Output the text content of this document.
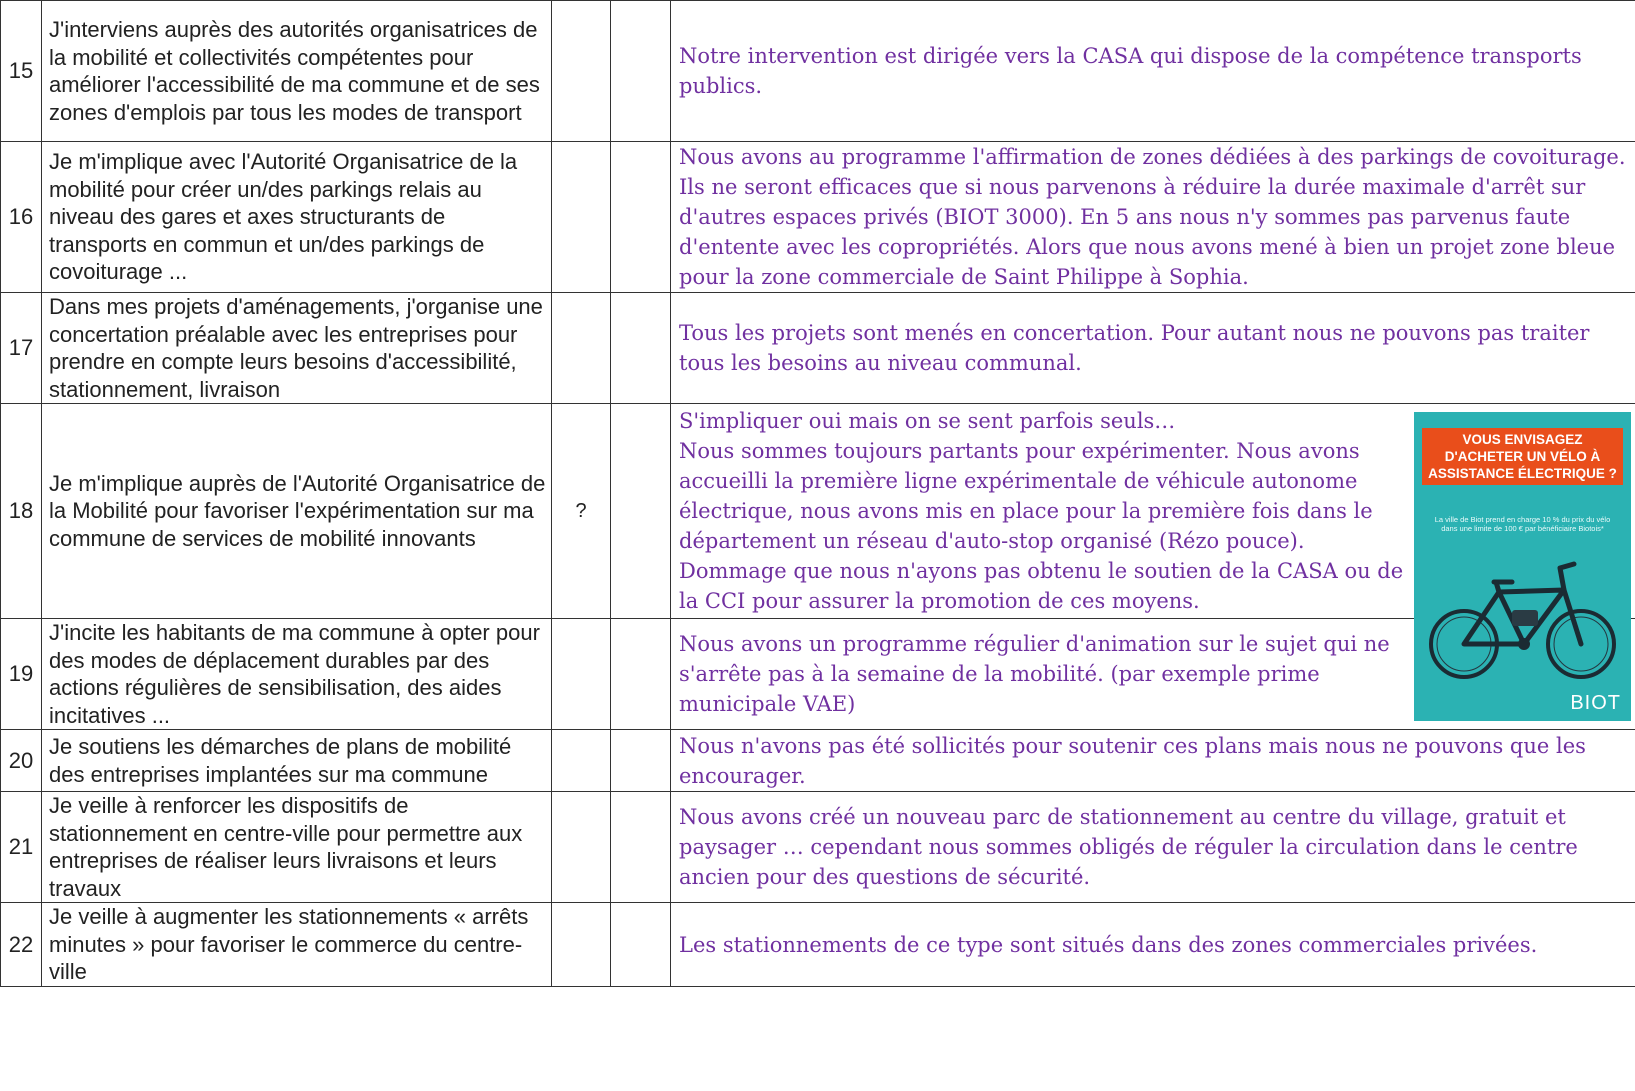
15	J'interviens auprès des autorités organisatrices de la mobilité et collectivités compétentes pour améliorer l'accessibilité de ma commune et de ses zones d'emplois par tous les modes de transport			Notre intervention est dirigée vers la CASA qui dispose de la compétence transports publics.
16	Je m'implique avec l'Autorité Organisatrice de la mobilité pour créer un/des parkings relais au niveau des gares et axes structurants de transports en commun et un/des parkings de covoiturage ...			Nous avons au programme l'affirmation de zones dédiées à des parkings de covoiturage. Ils ne seront efficaces que si nous parvenons à réduire la durée maximale d'arrêt sur d'autres espaces privés (BIOT 3000). En 5 ans nous n'y sommes pas parvenus faute d'entente avec les copropriétés. Alors que nous avons mené à bien un projet zone bleue pour la zone commerciale de Saint Philippe à Sophia.
17	Dans mes projets d'aménagements, j'organise une concertation préalable avec les entreprises pour prendre en compte leurs besoins d'accessibilité, stationnement, livraison			Tous les projets sont menés en concertation. Pour autant nous ne pouvons pas traiter tous les besoins au niveau communal.
18	Je m'implique auprès de l'Autorité Organisatrice de la Mobilité pour favoriser l'expérimentation sur ma commune de services de mobilité innovants	?		S'impliquer oui mais on se sent parfois seuls…
Nous sommes toujours partants pour expérimenter. Nous avons accueilli la première ligne expérimentale de véhicule autonome électrique, nous avons mis en place pour la première fois dans le département un réseau d'auto-stop organisé (Rézo pouce).
Dommage que nous n'ayons pas obtenu le soutien de la CASA ou de la CCI pour assurer la promotion de ces moyens.
19	J'incite les habitants de ma commune à opter pour des modes de déplacement durables par des actions régulières de sensibilisation, des aides incitatives ...			Nous avons un programme régulier d'animation sur le sujet qui ne s'arrête pas à la semaine de la mobilité. (par exemple prime municipale VAE)
20	Je soutiens les démarches de plans de mobilité des entreprises implantées sur ma commune			Nous n'avons pas été sollicités pour soutenir ces plans mais nous ne pouvons que les encourager.
21	Je veille à renforcer les dispositifs de stationnement en centre-ville pour permettre aux entreprises de réaliser leurs livraisons et leurs travaux			Nous avons créé un nouveau parc de stationnement au centre du village, gratuit et paysager … cependant nous sommes obligés de réguler la circulation dans le centre ancien pour des questions de sécurité.
22	Je veille à augmenter les stationnements « arrêts minutes » pour favoriser le commerce du centre-ville			Les stationnements de ce type sont situés dans des zones commerciales privées.
VOUS ENVISAGEZ D'ACHETER UN VÉLO À ASSISTANCE ÉLECTRIQUE ?
La ville de Biot prend en charge 10 % du prix du vélo dans une limite de 100 € par bénéficiaire Biotois*
BIOT
